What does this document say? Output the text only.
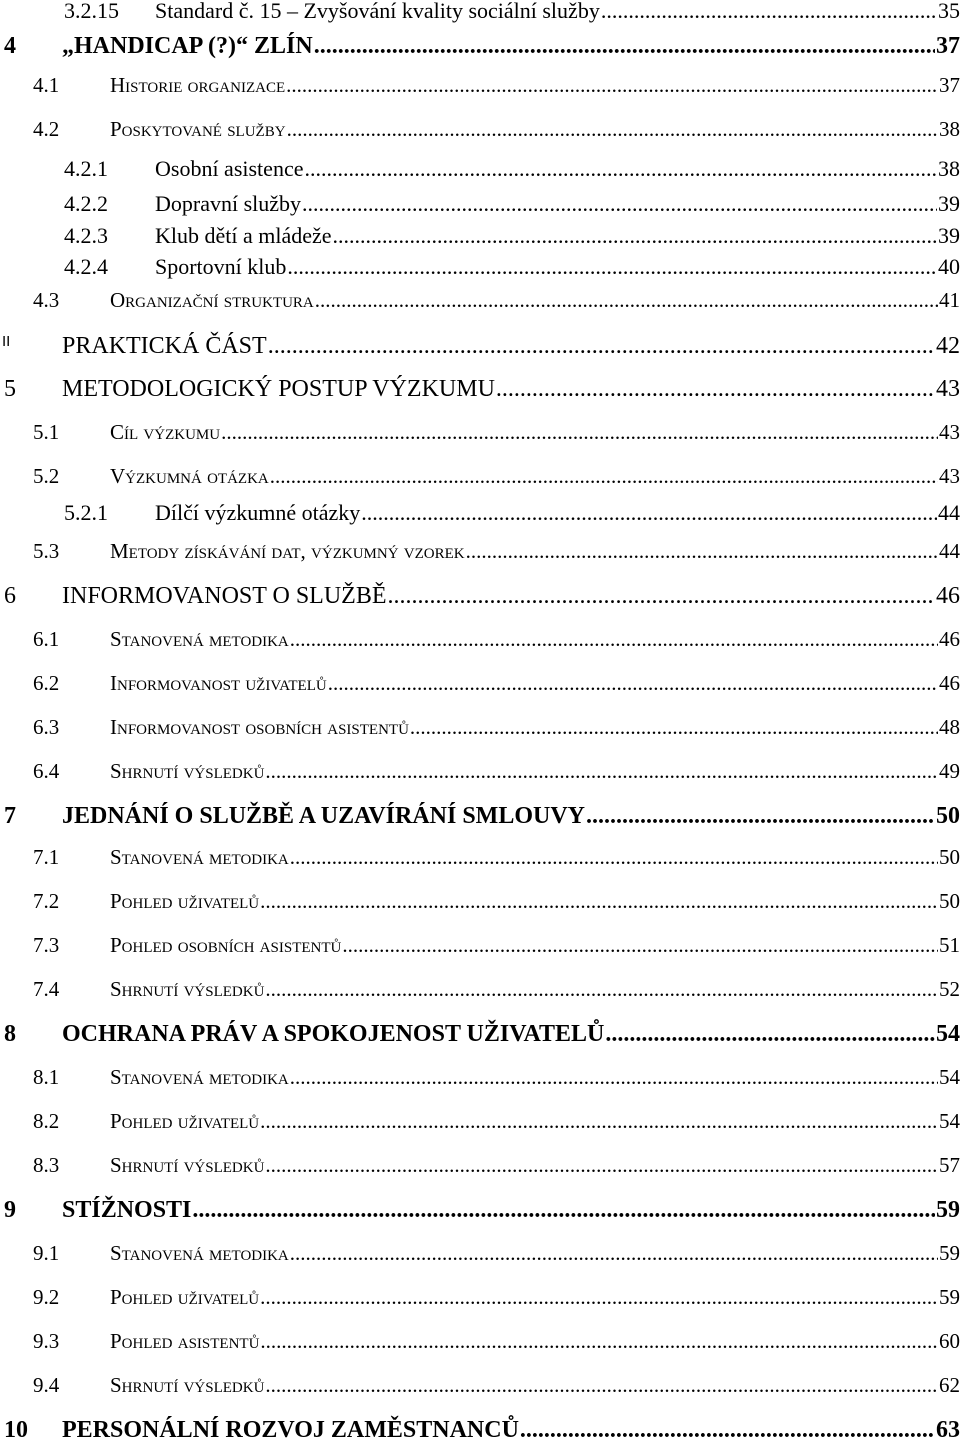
3.2.15 Standard č. 15 – Zvyšování kvality sociální služby .....	35
4 „HANDICAP (?)“ ZLÍN .....	37
4.1 Historie organizace .....	37
4.2 Poskytované služby .....	38
4.2.1 Osobní asistence .....	38
4.2.2 Dopravní služby .....	39
4.2.3 Klub dětí a mládeže .....	39
4.2.4 Sportovní klub .....	40
4.3 Organizační struktura .....	41
II PRAKTICKÁ ČÁST .....	42
5 METODOLOGICKÝ POSTUP VÝZKUMU .....	43
5.1 Cíl výzkumu .....	43
5.2 Výzkumná otázka .....	43
5.2.1 Dílčí výzkumné otázky .....	44
5.3 Metody získávání dat, výzkumný vzorek .....	44
6 INFORMOVANOST O SLUŽBĚ .....	46
6.1 Stanovená metodika .....	46
6.2 Informovanost uživatelů .....	46
6.3 Informovanost osobních asistentů .....	48
6.4 Shrnutí výsledků .....	49
7 JEDNÁNÍ O SLUŽBĚ A UZAVÍRÁNÍ SMLOUVY .....	50
7.1 Stanovená metodika .....	50
7.2 Pohled uživatelů .....	50
7.3 Pohled osobních asistentů .....	51
7.4 Shrnutí výsledků .....	52
8 OCHRANA PRÁV A SPOKOJENOST UŽIVATELŮ .....	54
8.1 Stanovená metodika .....	54
8.2 Pohled uživatelů .....	54
8.3 Shrnutí výsledků .....	57
9 STÍŽNOSTI .....	59
9.1 Stanovená metodika .....	59
9.2 Pohled uživatelů .....	59
9.3 Pohled asistentů .....	60
9.4 Shrnutí výsledků .....	62
10 PERSONÁLNÍ ROZVOJ ZAMĚSTNANCŮ .....	63
